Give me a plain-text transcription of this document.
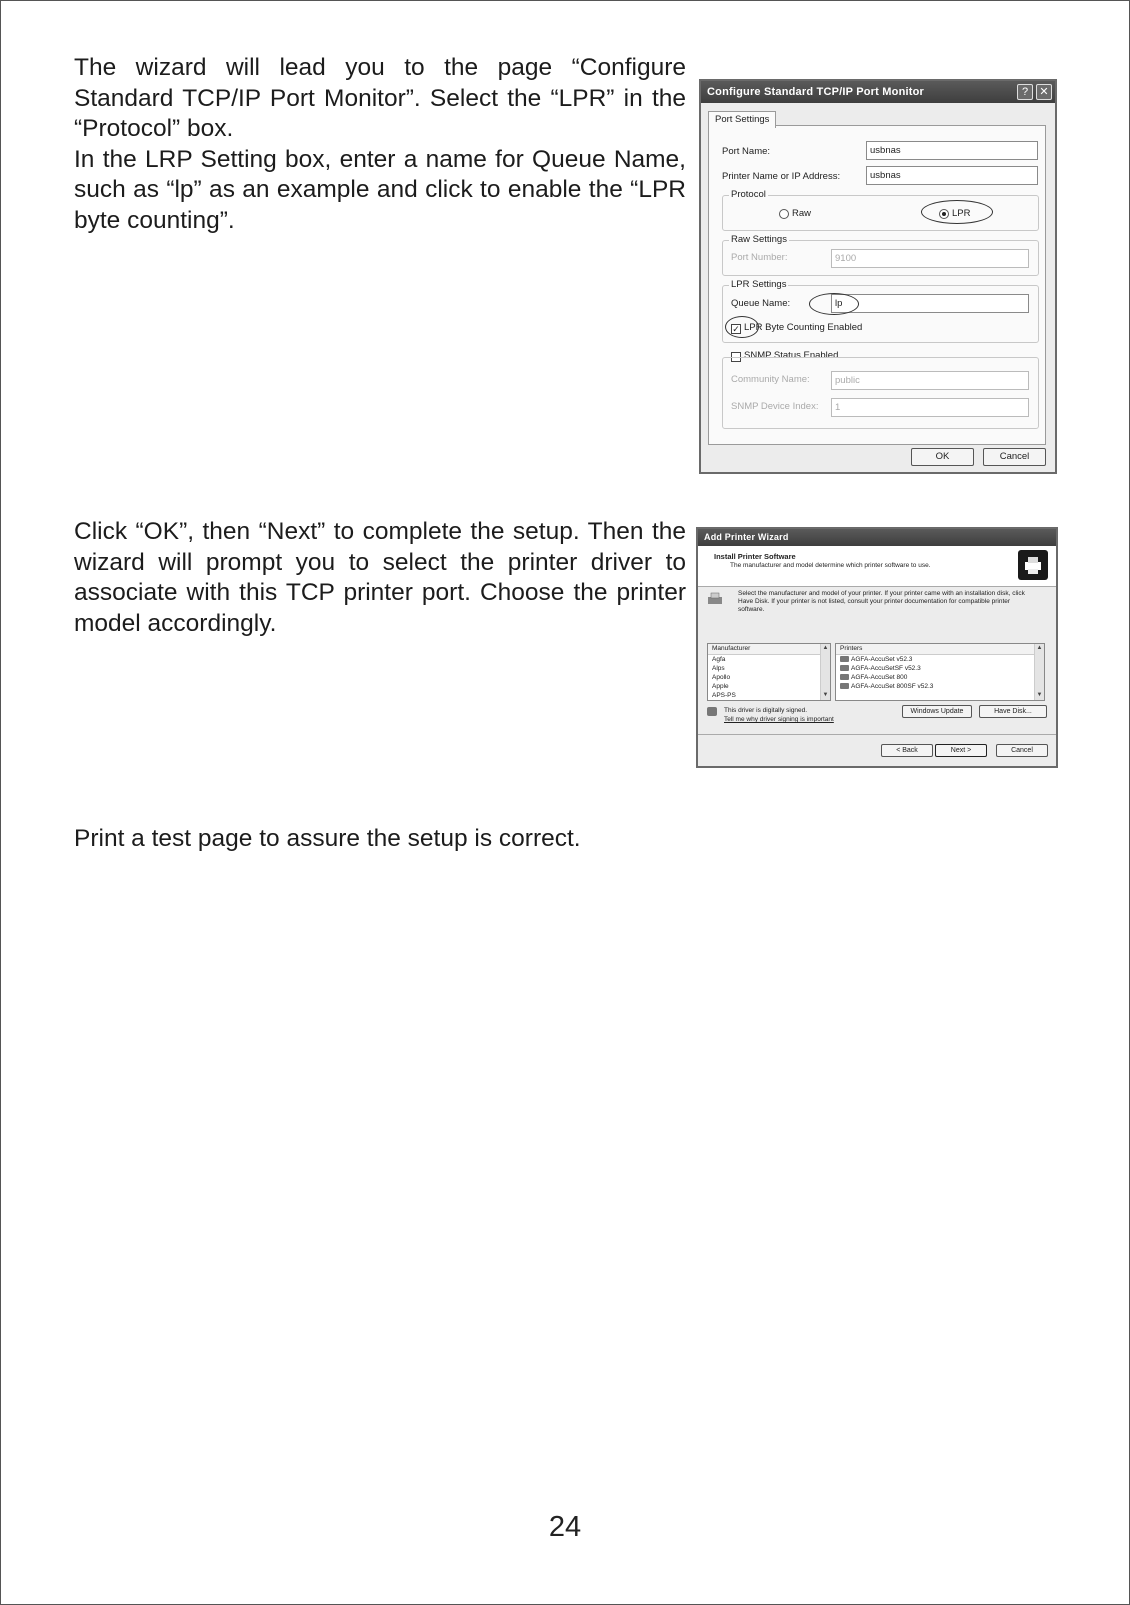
The wizard will lead you to the page “Configure Standard TCP/IP Port Monitor”. Select the “LPR” in the “Protocol” box.

In the LRP Setting box, enter a name for Queue Name, such as “lp” as an example and click to enable the “LPR byte counting”.

Configure Standard TCP/IP Port Monitor	?	✕
Port Settings
Port Name:	usbnas
Printer Name or IP Address:	usbnas
Protocol
Raw	LPR
Raw Settings
Port Number:	9100
LPR Settings
Queue Name:	lp
✓ LPR Byte Counting Enabled
SNMP Status Enabled
Community Name:	public
SNMP Device Index:	1
OK	Cancel

Click “OK”, then “Next” to complete the setup. Then the wizard will prompt you to select the printer driver to associate with this TCP printer port. Choose the printer model accordingly.

Add Printer Wizard
Install Printer Software
The manufacturer and model determine which printer software to use.
Select the manufacturer and model of your printer. If your printer came with an installation disk, click Have Disk. If your printer is not listed, consult your printer documentation for compatible printer software.
Manufacturer
Agfa
Alps
Apollo
Apple
APS-PS
▲
▼
Printers
AGFA-AccuSet v52.3
AGFA-AccuSetSF v52.3
AGFA-AccuSet 800
AGFA-AccuSet 800SF v52.3
▲
▼
This driver is digitally signed.
Tell me why driver signing is important
Windows Update	Have Disk...
< Back	Next >	Cancel

Print a test page to assure the setup is correct.

24
